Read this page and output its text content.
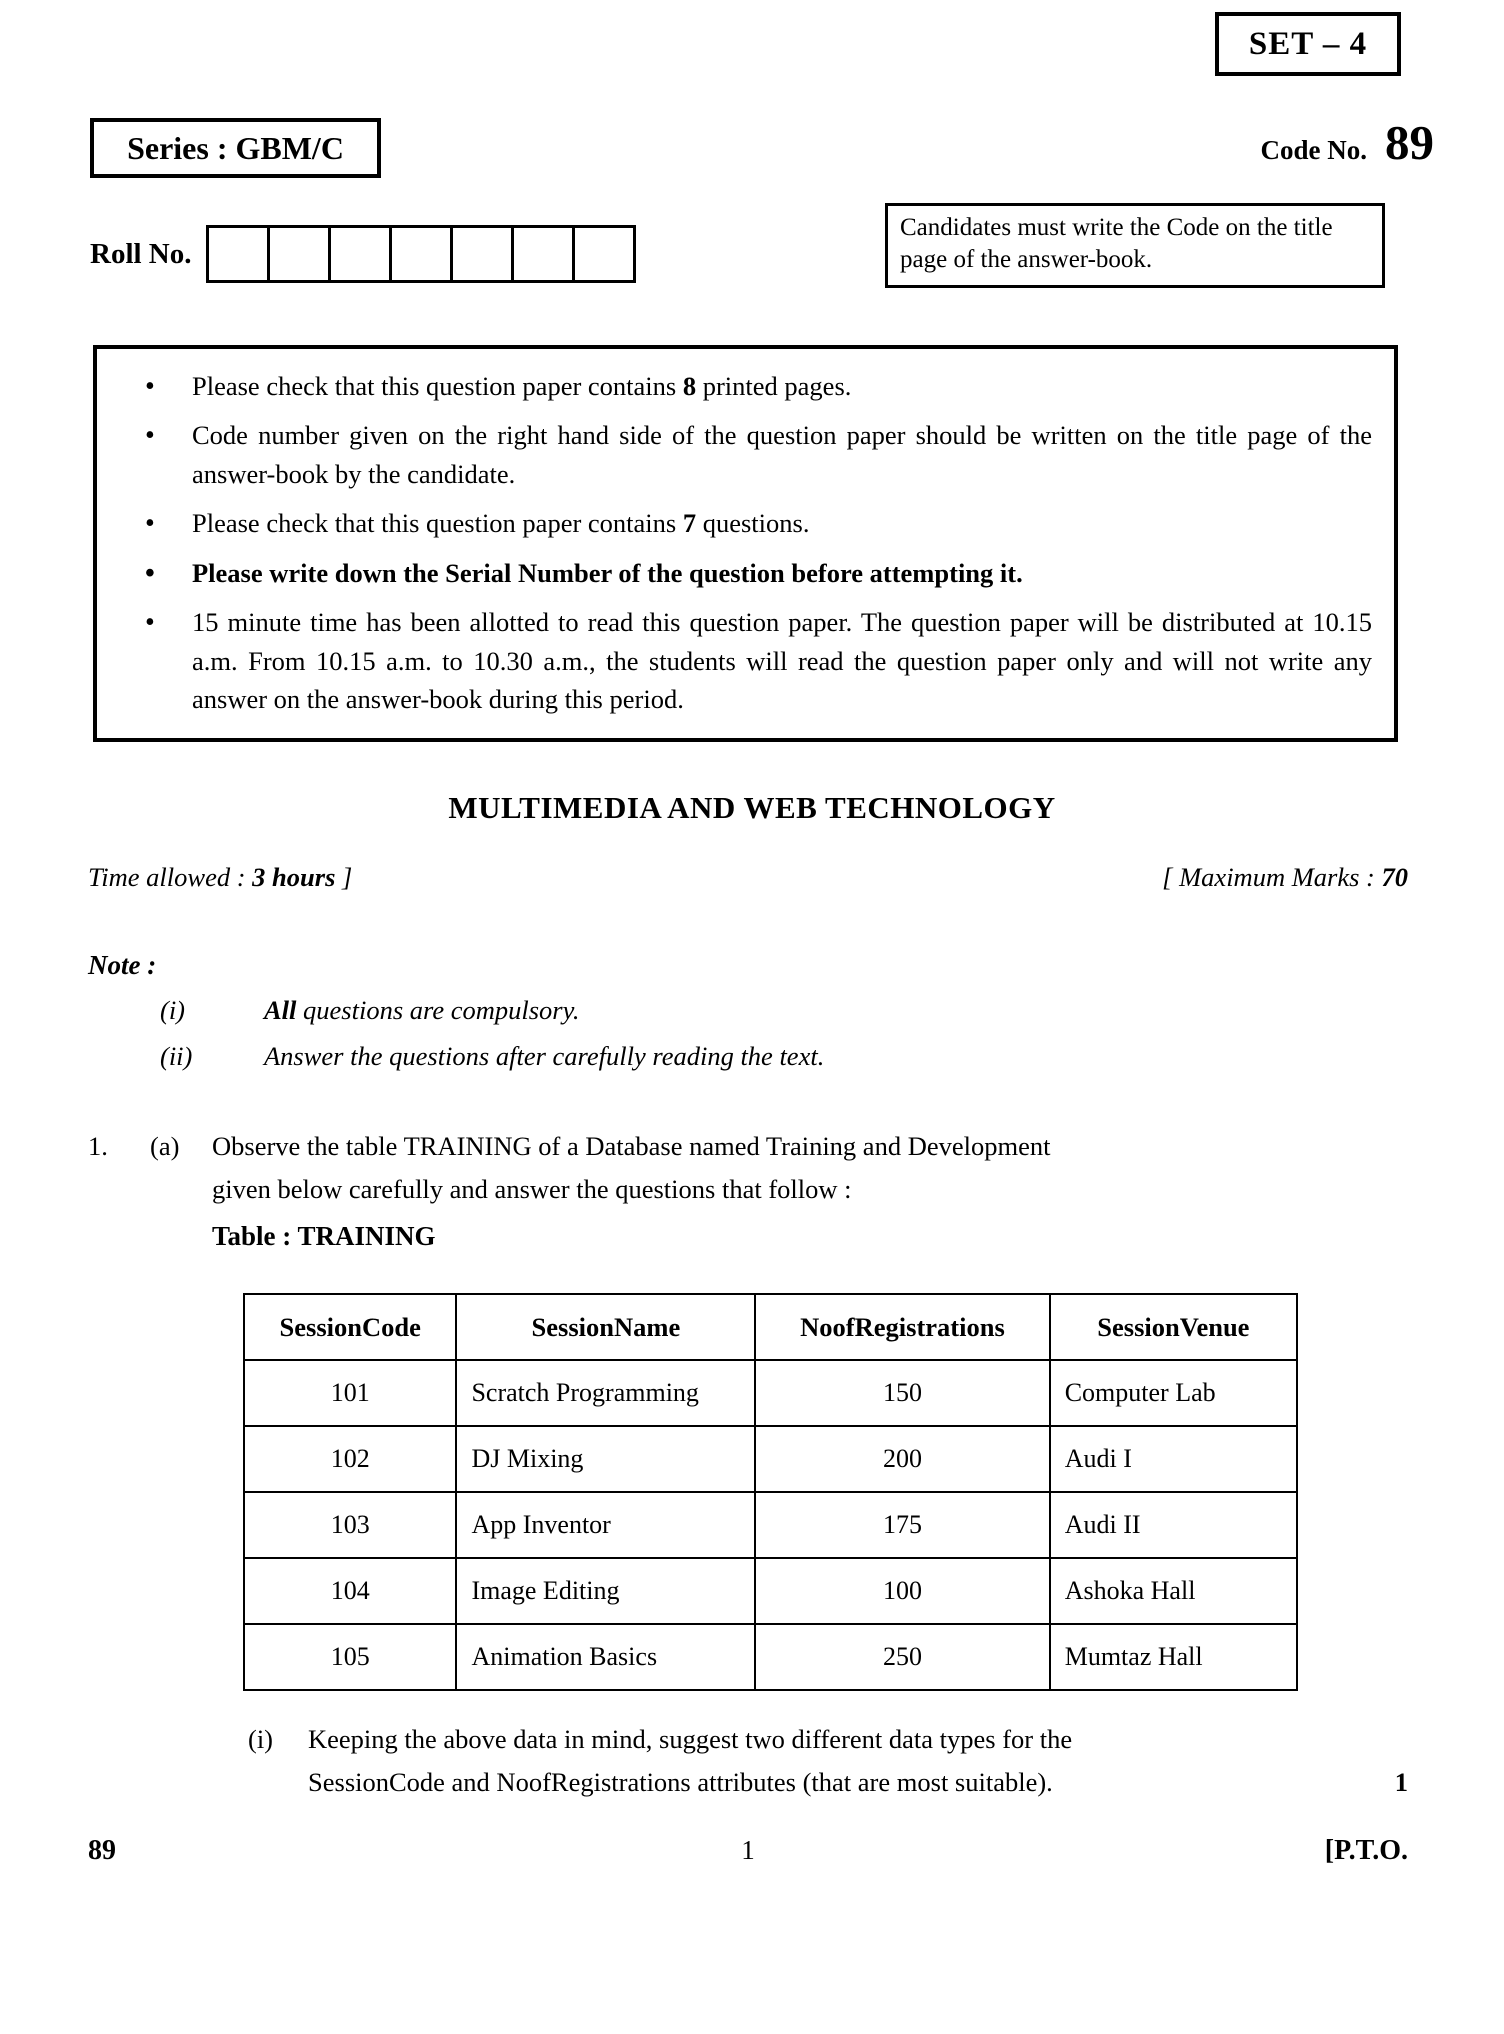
SET – 4
Series : GBM/C	Code No. 89
Roll No.
Candidates must write the Code on the title page of the answer-book.
• Please check that this question paper contains 8 printed pages.
• Code number given on the right hand side of the question paper should be written on the title page of the answer-book by the candidate.
• Please check that this question paper contains 7 questions.
• Please write down the Serial Number of the question before attempting it.
• 15 minute time has been allotted to read this question paper. The question paper will be distributed at 10.15 a.m. From 10.15 a.m. to 10.30 a.m., the students will read the question paper only and will not write any answer on the answer-book during this period.
MULTIMEDIA AND WEB TECHNOLOGY
Time allowed : 3 hours ]	[ Maximum Marks : 70
Note :
(i)	All questions are compulsory.
(ii)	Answer the questions after carefully reading the text.
1.	(a)	Observe the table TRAINING of a Database named Training and Development
given below carefully and answer the questions that follow :
Table : TRAINING
SessionCode	SessionName	NoofRegistrations	SessionVenue
101	Scratch Programming	150	Computer Lab
102	DJ Mixing	200	Audi I
103	App Inventor	175	Audi II
104	Image Editing	100	Ashoka Hall
105	Animation Basics	250	Mumtaz Hall
(i)	Keeping the above data in mind, suggest two different data types for the
SessionCode and NoofRegistrations attributes (that are most suitable).	1
89	1	[P.T.O.
